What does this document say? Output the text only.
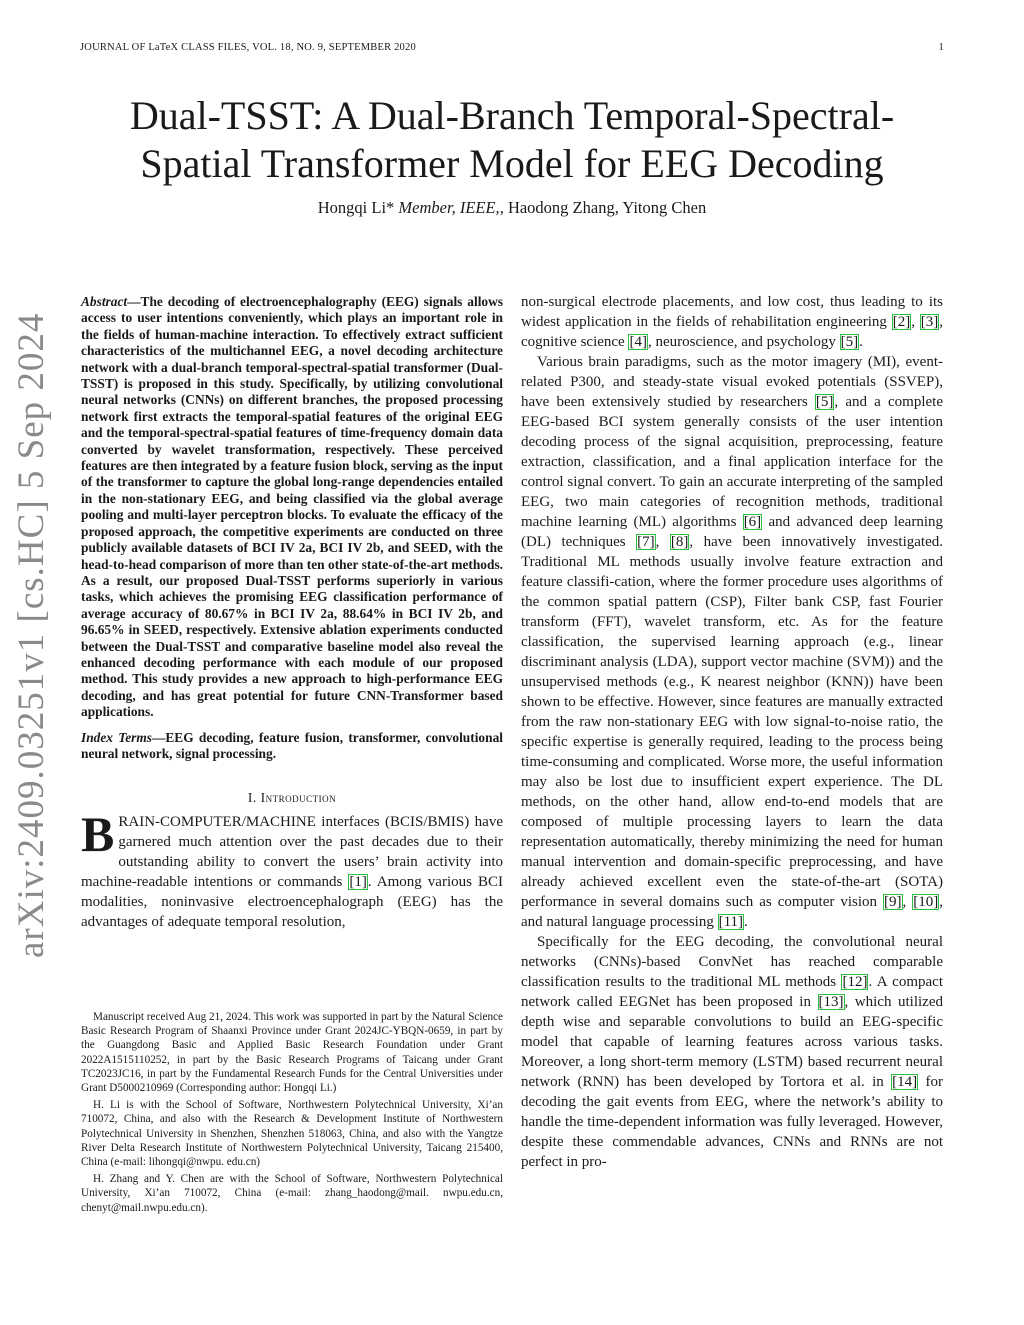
JOURNAL OF LaTeX CLASS FILES, VOL. 18, NO. 9, SEPTEMBER 2020	1
arXiv:2409.03251v1 [cs.HC] 5 Sep 2024
Dual-TSST: A Dual-Branch Temporal-Spectral-
Spatial Transformer Model for EEG Decoding
Hongqi Li* Member, IEEE,, Haodong Zhang, Yitong Chen
Abstract—The decoding of electroencephalography (EEG) signals allows access to user intentions conveniently, which plays an important role in the fields of human-machine interaction. To effectively extract sufficient characteristics of the multichannel EEG, a novel decoding architecture network with a dual-branch temporal-spectral-spatial transformer (Dual-TSST) is proposed in this study. Specifically, by utilizing convolutional neural networks (CNNs) on different branches, the proposed processing network first extracts the temporal-spatial features of the original EEG and the temporal-spectral-spatial features of time-frequency domain data converted by wavelet transformation, respectively. These perceived features are then integrated by a feature fusion block, serving as the input of the transformer to capture the global long-range dependencies entailed in the non-stationary EEG, and being classified via the global average pooling and multi-layer perceptron blocks. To evaluate the efficacy of the proposed approach, the competitive experiments are conducted on three publicly available datasets of BCI IV 2a, BCI IV 2b, and SEED, with the head-to-head comparison of more than ten other state-of-the-art methods. As a result, our proposed Dual-TSST performs superiorly in various tasks, which achieves the promising EEG classification performance of average accuracy of 80.67% in BCI IV 2a, 88.64% in BCI IV 2b, and 96.65% in SEED, respectively. Extensive ablation experiments conducted between the Dual-TSST and comparative baseline model also reveal the enhanced decoding performance with each module of our proposed method. This study provides a new approach to high-performance EEG decoding, and has great potential for future CNN-Transformer based applications.
Index Terms—EEG decoding, feature fusion, transformer, convolutional neural network, signal processing.
I. Introduction
BRAIN-COMPUTER/MACHINE interfaces (BCIS/BMIS) have garnered much attention over the past decades due to their outstanding ability to convert the users’ brain activity into machine-readable intentions or commands [1]. Among various BCI modalities, noninvasive electroencephalograph (EEG) has the advantages of adequate temporal resolution,

Manuscript received Aug 21, 2024. This work was supported in part by the Natural Science Basic Research Program of Shaanxi Province under Grant 2024JC-YBQN-0659, in part by the Guangdong Basic and Applied Basic Research Foundation under Grant 2022A1515110252, in part by the Basic Research Programs of Taicang under Grant TC2023JC16, in part by the Fundamental Research Funds for the Central Universities under Grant D5000210969 (Corresponding author: Hongqi Li.)

H. Li is with the School of Software, Northwestern Polytechnical University, Xi’an 710072, China, and also with the Research & Development Institute of Northwestern Polytechnical University in Shenzhen, Shenzhen 518063, China, and also with the Yangtze River Delta Research Institute of Northwestern Polytechnical University, Taicang 215400, China (e-mail: lihongqi@nwpu. edu.cn)

H. Zhang and Y. Chen are with the School of Software, Northwestern Polytechnical University, Xi’an 710072, China (e-mail: zhang_haodong@mail. nwpu.edu.cn, chenyt@mail.nwpu.edu.cn).

non-surgical electrode placements, and low cost, thus leading to its widest application in the fields of rehabilitation engineering [2], [3], cognitive science [4], neuroscience, and psychology [5].

Various brain paradigms, such as the motor imagery (MI), event-related P300, and steady-state visual evoked potentials (SSVEP), have been extensively studied by researchers [5], and a complete EEG-based BCI system generally consists of the user intention decoding process of the signal acquisition, preprocessing, feature extraction, classification, and a final application interface for the control signal convert. To gain an accurate interpreting of the sampled EEG, two main categories of recognition methods, traditional machine learning (ML) algorithms [6] and advanced deep learning (DL) techniques [7], [8], have been innovatively investigated. Traditional ML methods usually involve feature extraction and feature classifi-cation, where the former procedure uses algorithms of the common spatial pattern (CSP), Filter bank CSP, fast Fourier transform (FFT), wavelet transform, etc. As for the feature classification, the supervised learning approach (e.g., linear discriminant analysis (LDA), support vector machine (SVM)) and the unsupervised methods (e.g., K nearest neighbor (KNN)) have been shown to be effective. However, since features are manually extracted from the raw non-stationary EEG with low signal-to-noise ratio, the specific expertise is generally required, leading to the process being time-consuming and complicated. Worse more, the useful information may also be lost due to insufficient expert experience. The DL methods, on the other hand, allow end-to-end models that are composed of multiple processing layers to learn the data representation automatically, thereby minimizing the need for human manual intervention and domain-specific preprocessing, and have already achieved excellent even the state-of-the-art (SOTA) performance in several domains such as computer vision [9], [10], and natural language processing [11].

Specifically for the EEG decoding, the convolutional neural networks (CNNs)-based ConvNet has reached comparable classification results to the traditional ML methods [12]. A compact network called EEGNet has been proposed in [13], which utilized depth wise and separable convolutions to build an EEG-specific model that capable of learning features across various tasks. Moreover, a long short-term memory (LSTM) based recurrent neural network (RNN) has been developed by Tortora et al. in [14] for decoding the gait events from EEG, where the network’s ability to handle the time-dependent information was fully leveraged. However, despite these commendable advances, CNNs and RNNs are not perfect in pro-
